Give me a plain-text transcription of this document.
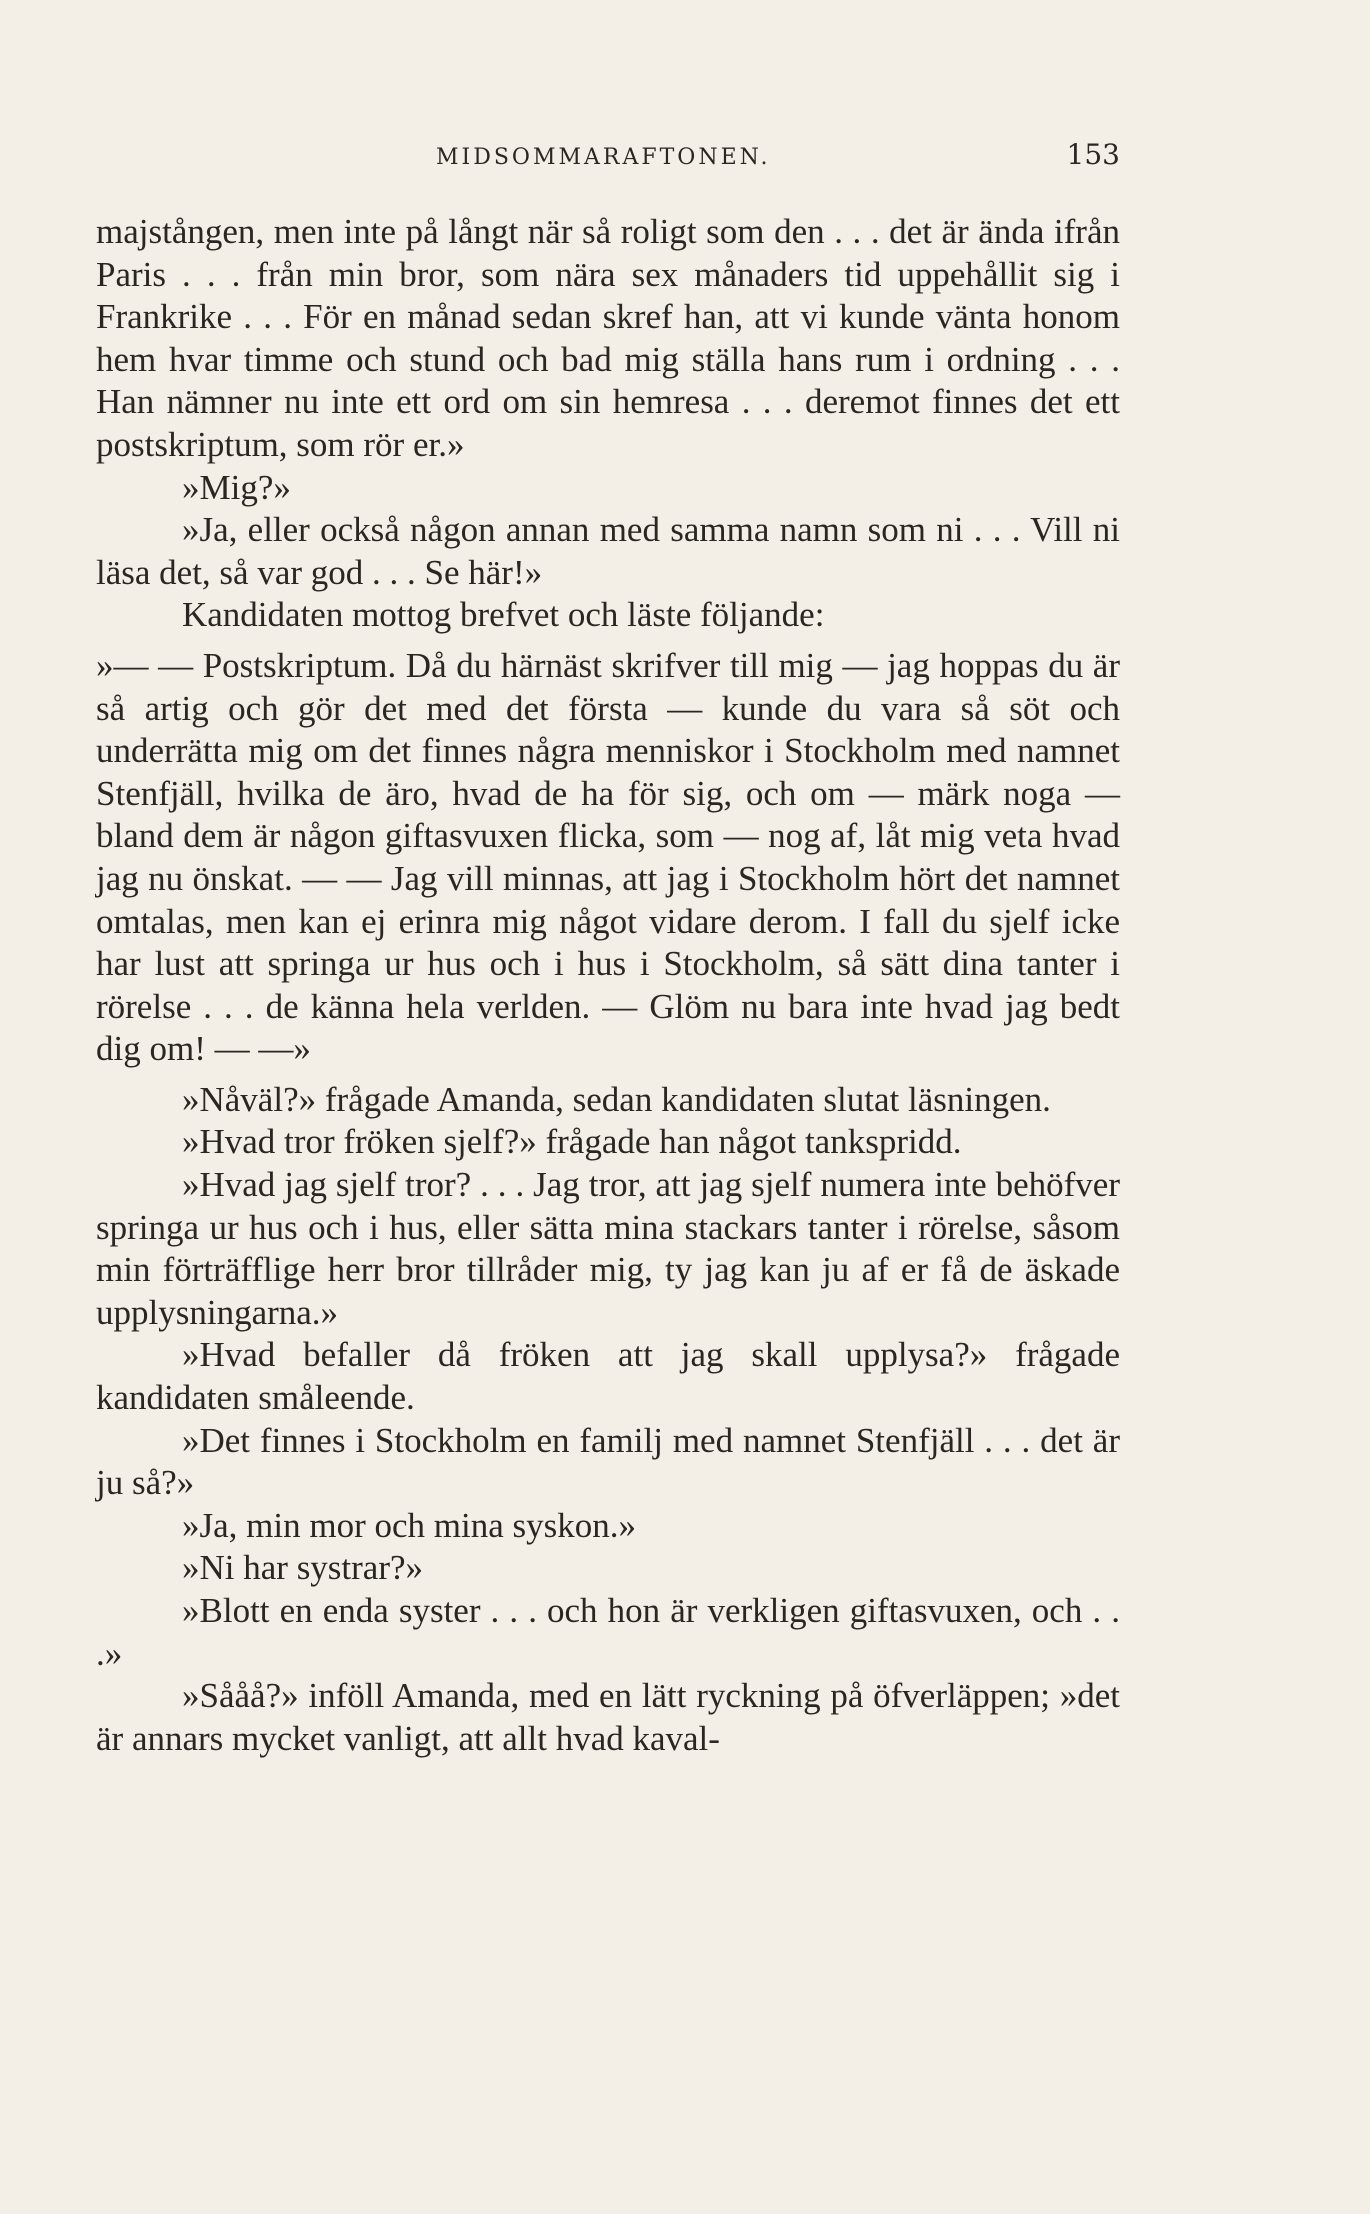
MIDSOMMARAFTONEN.	153

majstången, men inte på långt när så roligt som den . . . det är ända ifrån Paris . . . från min bror, som nära sex månaders tid uppehållit sig i Frankrike . . . För en månad sedan skref han, att vi kunde vänta honom hem hvar timme och stund och bad mig ställa hans rum i ordning . . . Han nämner nu inte ett ord om sin hemresa . . . deremot finnes det ett postskriptum, som rör er.»

»Mig?»

»Ja, eller också någon annan med samma namn som ni . . . Vill ni läsa det, så var god . . . Se här!»

Kandidaten mottog brefvet och läste följande:

»— — Postskriptum. Då du härnäst skrifver till mig — jag hoppas du är så artig och gör det med det första — kunde du vara så söt och underrätta mig om det finnes några menniskor i Stockholm med namnet Stenfjäll, hvilka de äro, hvad de ha för sig, och om — märk noga — bland dem är någon giftasvuxen flicka, som — nog af, låt mig veta hvad jag nu önskat. — — Jag vill minnas, att jag i Stockholm hört det namnet omtalas, men kan ej erinra mig något vidare derom. I fall du sjelf icke har lust att springa ur hus och i hus i Stockholm, så sätt dina tanter i rörelse . . . de känna hela verlden. — Glöm nu bara inte hvad jag bedt dig om! — —»

»Nåväl?» frågade Amanda, sedan kandidaten slutat läsningen.

»Hvad tror fröken sjelf?» frågade han något tankspridd.

»Hvad jag sjelf tror? . . . Jag tror, att jag sjelf numera inte behöfver springa ur hus och i hus, eller sätta mina stackars tanter i rörelse, såsom min förträfflige herr bror tillråder mig, ty jag kan ju af er få de äskade upplysningarna.»

»Hvad befaller då fröken att jag skall upplysa?» frågade kandidaten småleende.

»Det finnes i Stockholm en familj med namnet Stenfjäll . . . det är ju så?»

»Ja, min mor och mina syskon.»

»Ni har systrar?»

»Blott en enda syster . . . och hon är verkligen giftasvuxen, och . . .»

»Sååå?» inföll Amanda, med en lätt ryckning på öfverläppen; »det är annars mycket vanligt, att allt hvad kaval-
